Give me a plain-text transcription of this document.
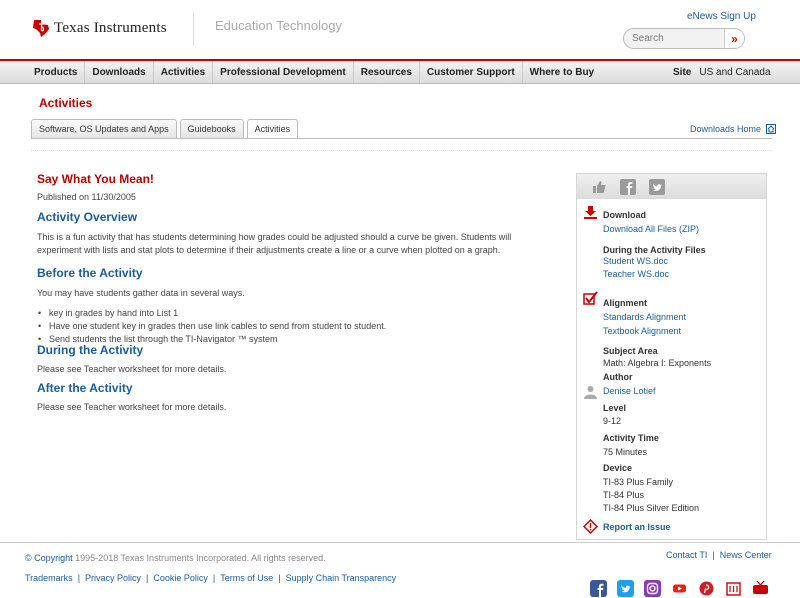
Texas Instruments	Education Technology
eNews Sign Up
Search
»
Products	Downloads	Activities	Professional Development	Resources	Customer Support	Where to Buy	Site US and Canada
Activities
Software, OS Updates and Apps	Guidebooks	Activities	Downloads Home
Say What You Mean!
Published on 11/30/2005
Activity Overview

This is a fun activity that has students determining how grades could be adjusted should a curve be given. Students will experiment with lists and stat plots to determine if their adjustments create a line or a curve when plotted on a graph.

Before the Activity

You may have students gather data in several ways.

• key in grades by hand into List 1
• Have one student key in grades then use link cables to send from student to student.
• Send students the list through the TI-Navigator ™ system
During the Activity

Please see Teacher worksheet for more details.

After the Activity

Please see Teacher worksheet for more details.

Download
Download All Files (ZIP)
During the Activity Files
Student WS.doc
Teacher WS.doc
Alignment
Standards Alignment
Textbook Alignment
Subject Area
Math: Algebra I: Exponents
Author
Denise Lotief
Level
9-12
Activity Time
75 Minutes
Device
TI-83 Plus Family
TI-84 Plus
TI-84 Plus Silver Edition
Report an Issue
© Copyright 1995-2018 Texas Instruments Incorporated. All rights reserved.	Contact TI | News Center
Trademarks | Privacy Policy | Cookie Policy | Terms of Use | Supply Chain Transparency
